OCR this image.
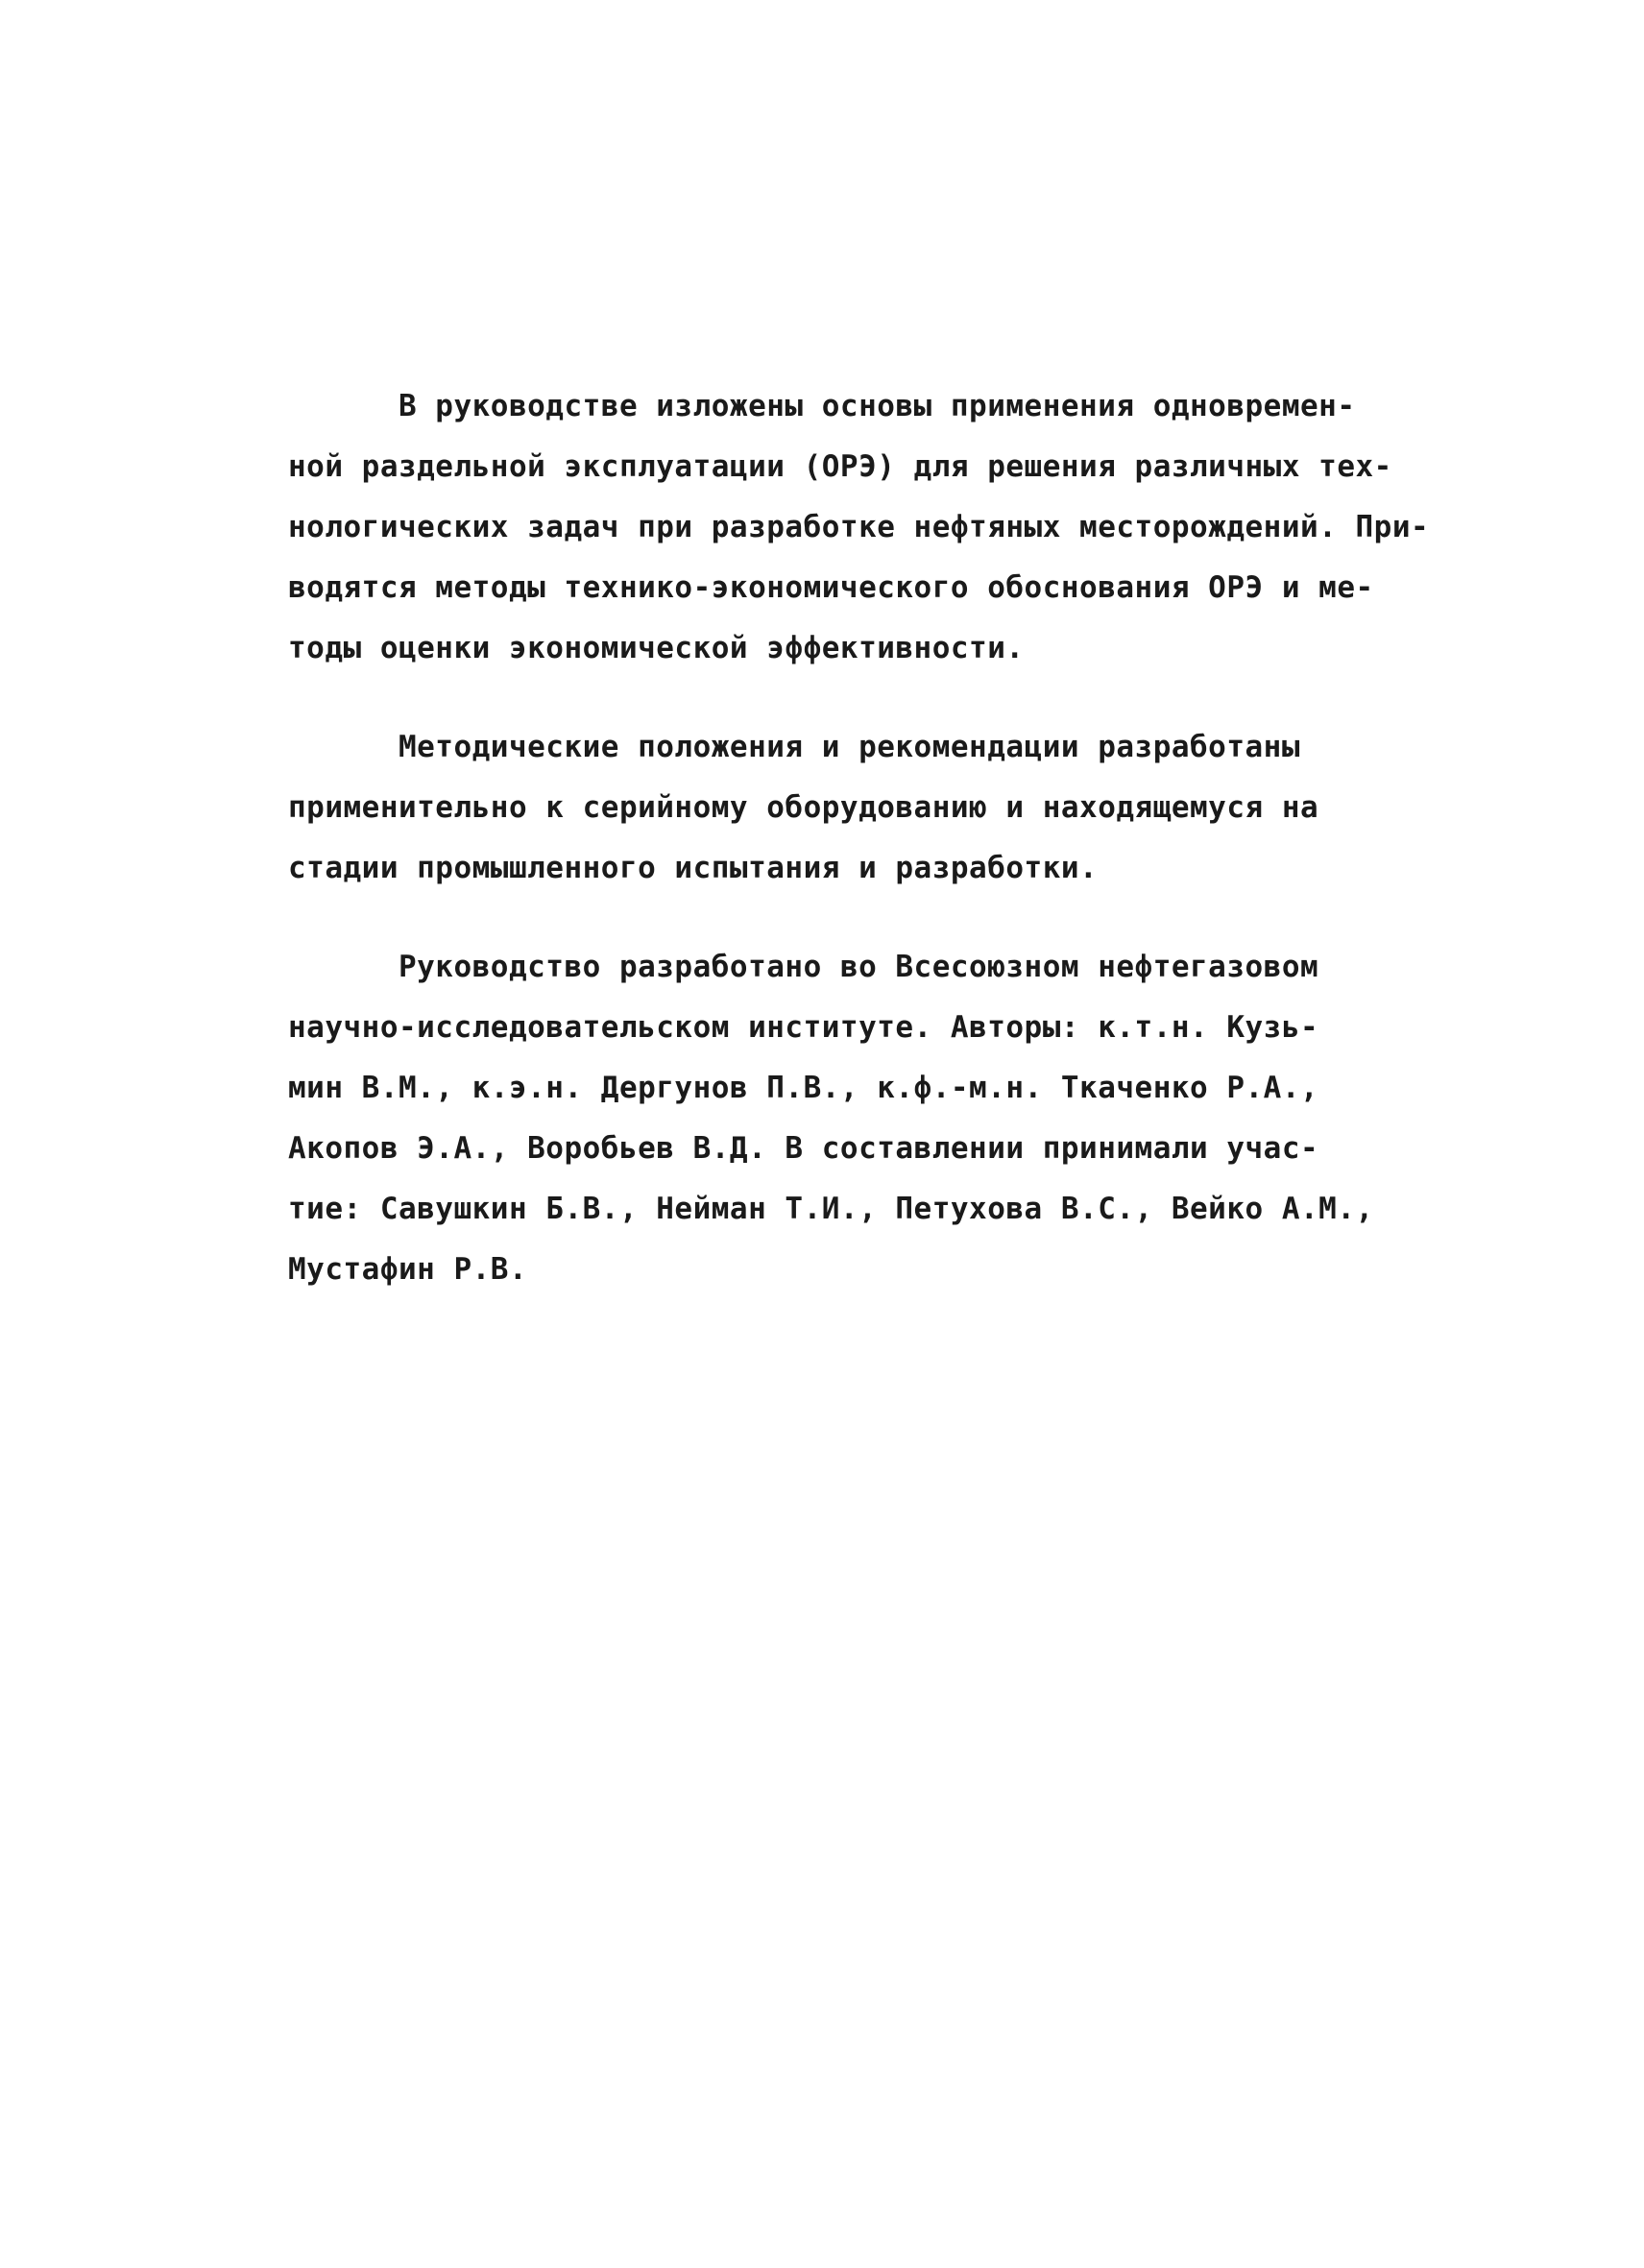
В руководстве изложены основы применения одновремен-
ной раздельной эксплуатации (ОРЭ) для решения различных тех-
нологических задач при разработке нефтяных месторождений. При-
водятся методы технико-экономического обоснования ОРЭ и ме-
тоды оценки экономической эффективности.

Методические положения и рекомендации разработаны
применительно к серийному оборудованию и находящемуся на
стадии промышленного испытания и разработки.

Руководство разработано во Всесоюзном нефтегазовом
научно-исследовательском институте. Авторы: к.т.н. Кузь-
мин В.М., к.э.н. Дергунов П.В., к.ф.-м.н. Ткаченко Р.А.,
Акопов Э.А., Воробьев В.Д. В составлении принимали учас-
тие: Савушкин Б.В., Нейман Т.И., Петухова В.С., Вейко А.М.,
Мустафин Р.В.
